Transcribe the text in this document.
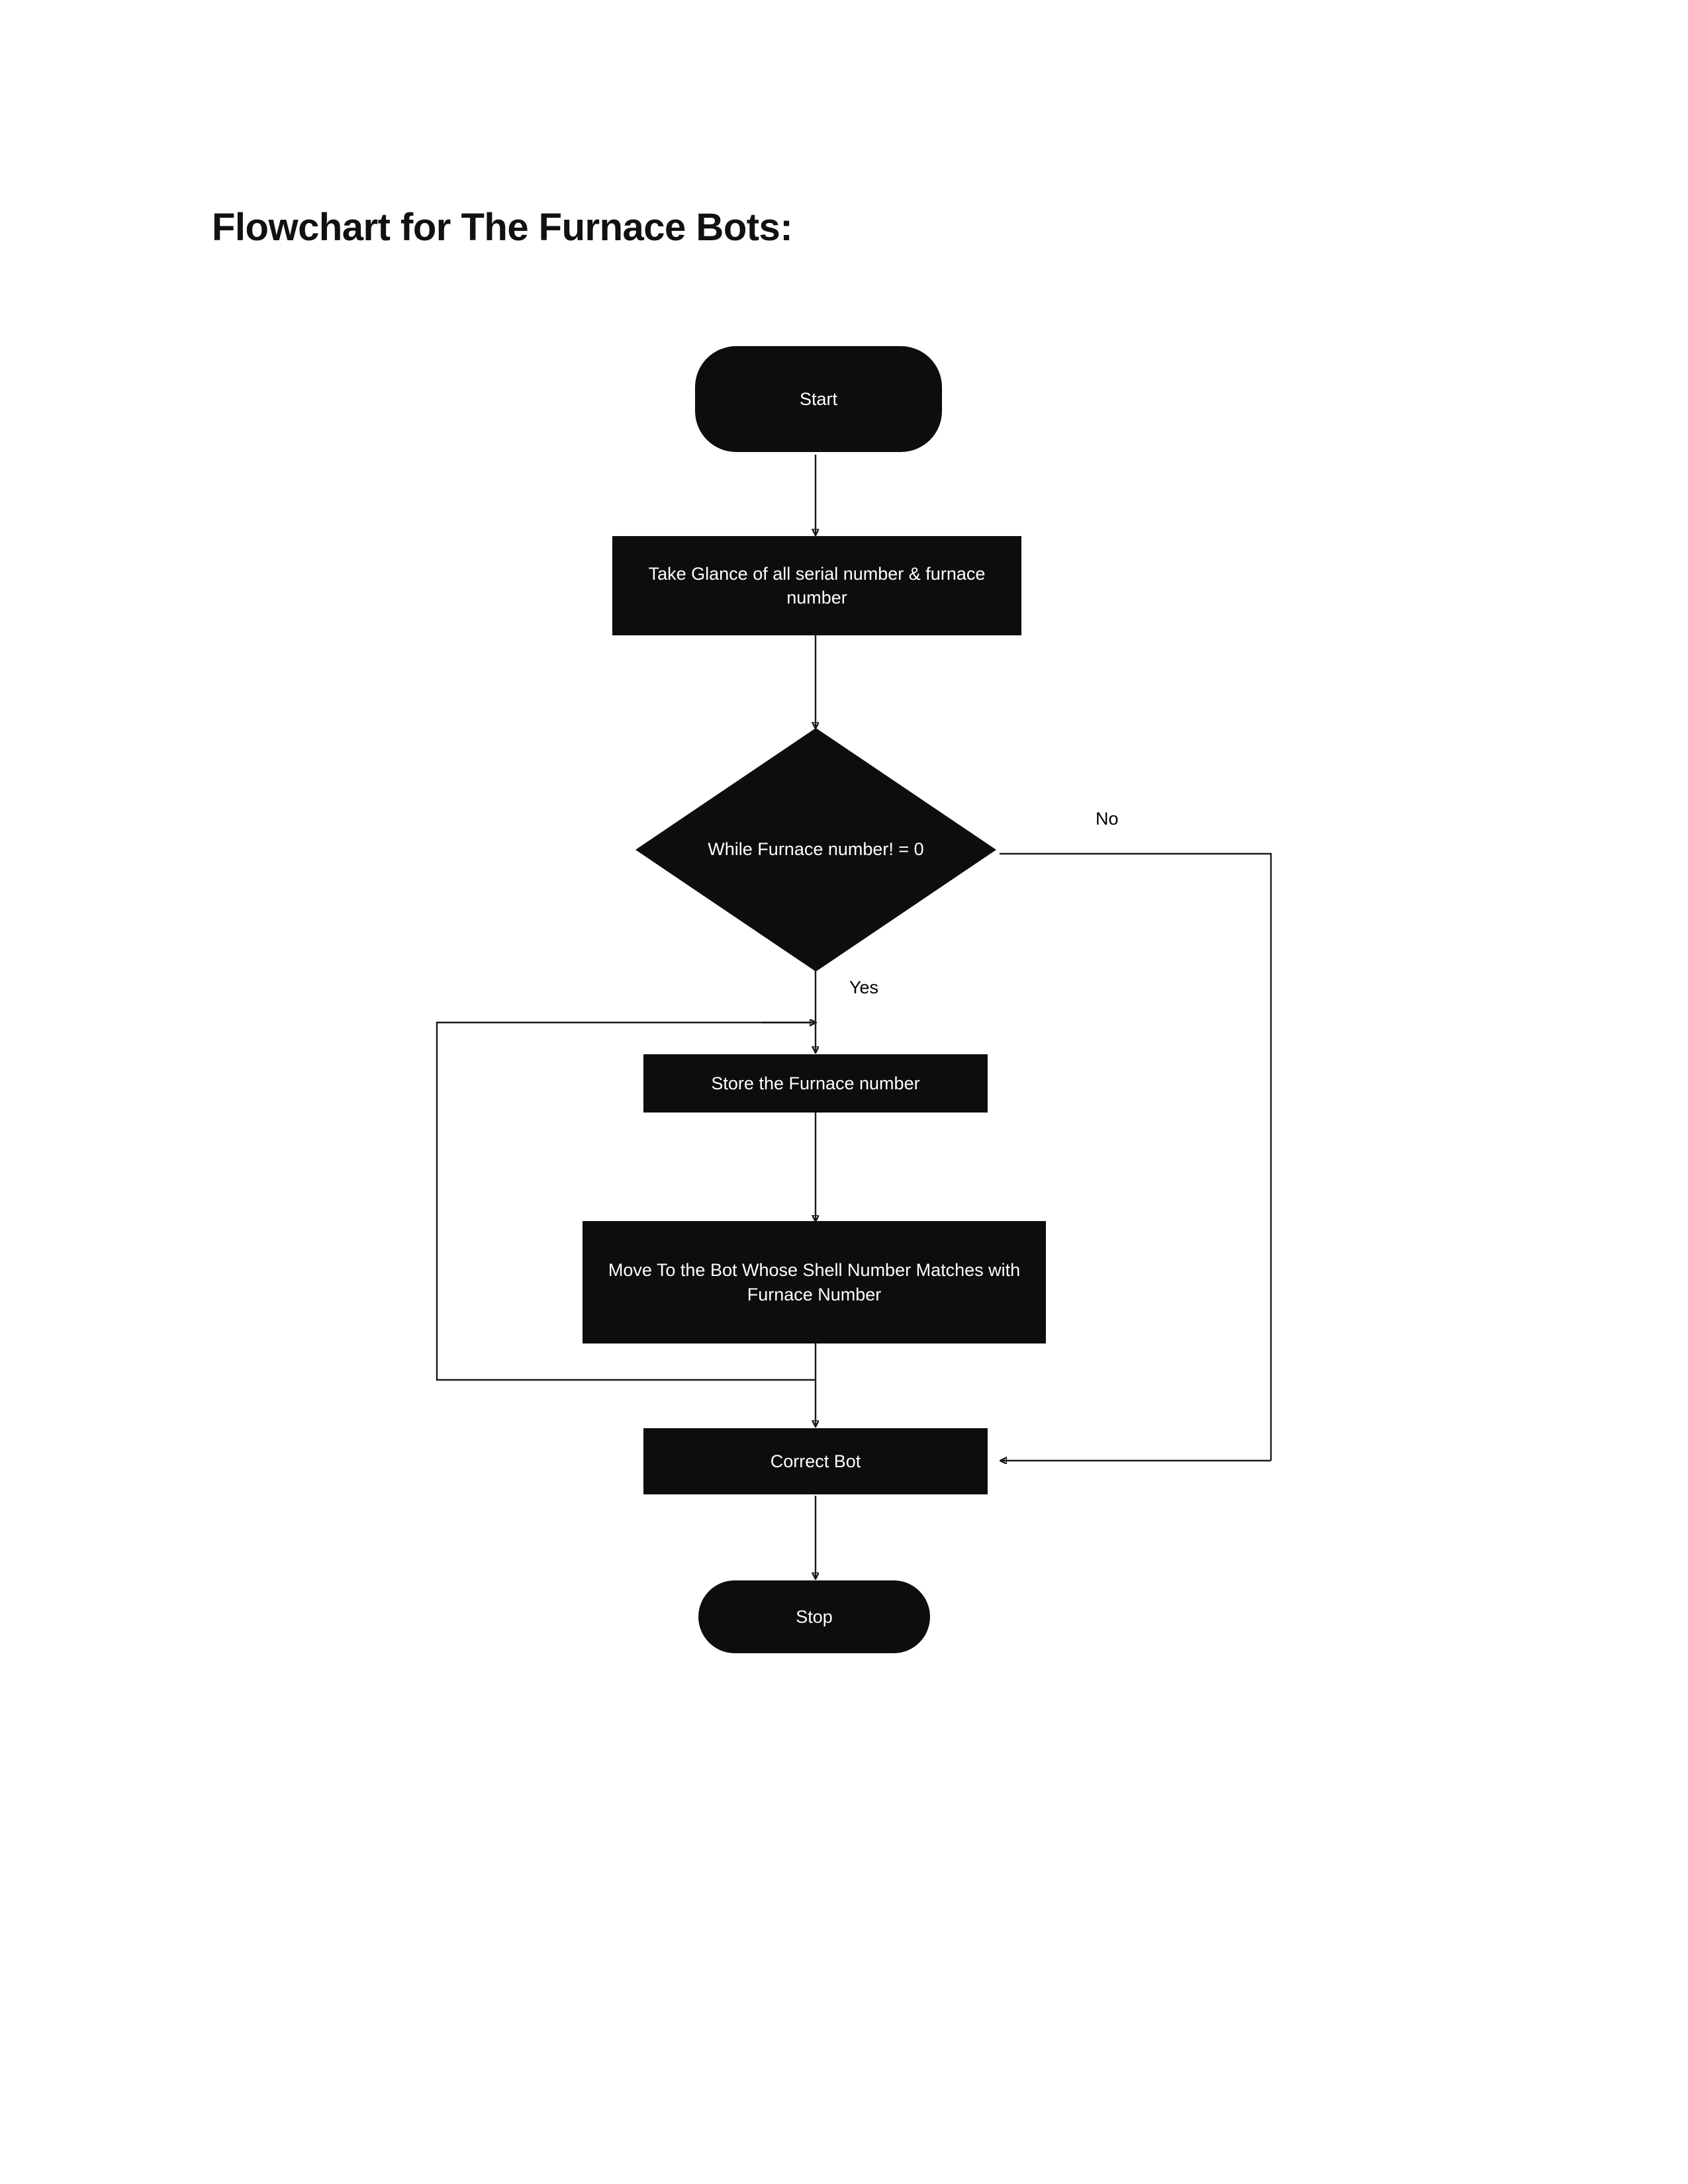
Flowchart for The Furnace Bots:
Start
Take Glance of all serial number & furnace number
While Furnace number! = 0
No
Yes
Store the Furnace number
Move To the Bot Whose Shell Number Matches with Furnace Number
Correct Bot
Stop
